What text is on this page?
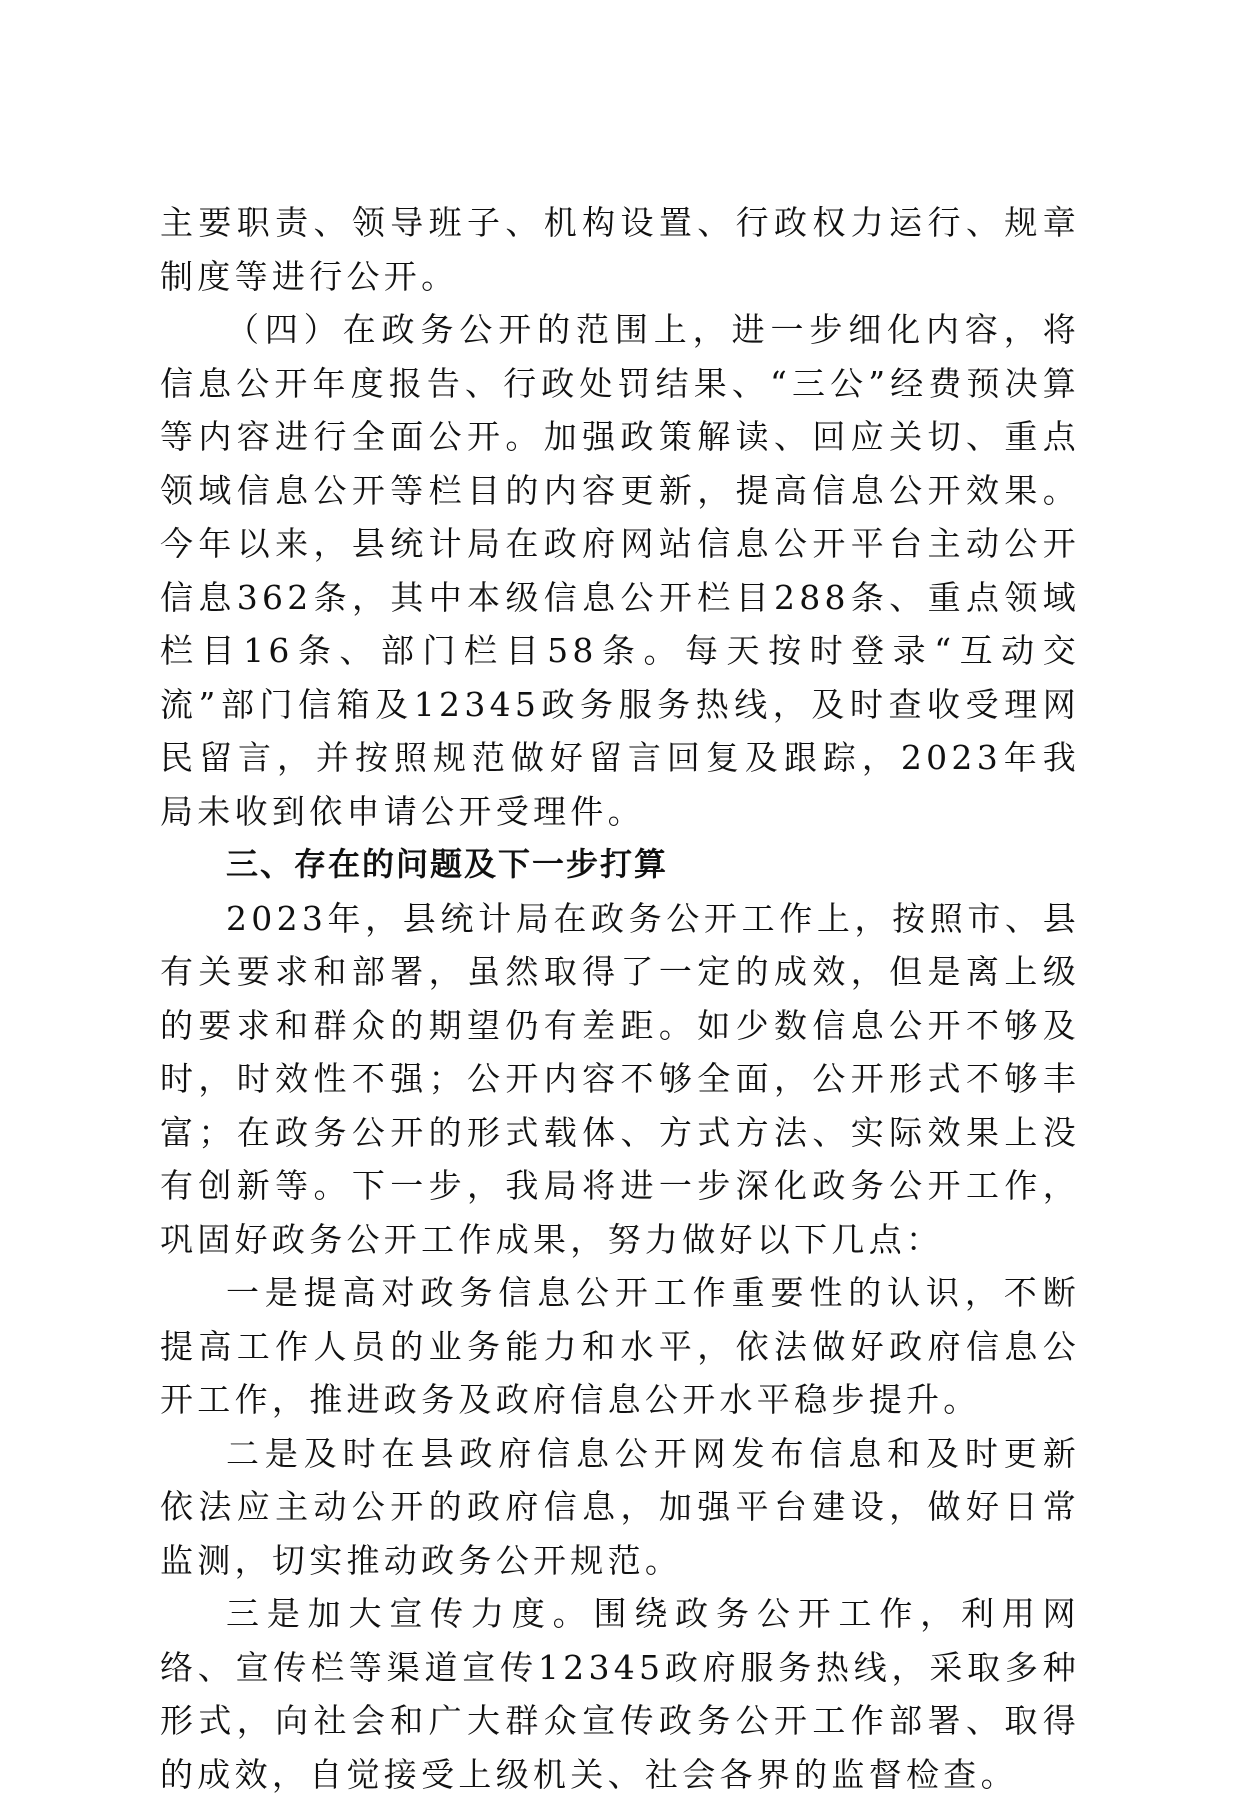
主要职责、领导班子、机构设置、行政权力运行、规章制度等进行公开。

（四）在政务公开的范围上，进一步细化内容，将信息公开年度报告、行政处罚结果、“三公”经费预决算等内容进行全面公开。加强政策解读、回应关切、重点领域信息公开等栏目的内容更新，提高信息公开效果。今年以来，县统计局在政府网站信息公开平台主动公开信息362条，其中本级信息公开栏目288条、重点领域栏目16条、部门栏目58条。每天按时登录“互动交流”部门信箱及12345政务服务热线，及时查收受理网民留言，并按照规范做好留言回复及跟踪，2023年我局未收到依申请公开受理件。

三、存在的问题及下一步打算

2023年，县统计局在政务公开工作上，按照市、县有关要求和部署，虽然取得了一定的成效，但是离上级的要求和群众的期望仍有差距。如少数信息公开不够及时，时效性不强；公开内容不够全面，公开形式不够丰富；在政务公开的形式载体、方式方法、实际效果上没有创新等。下一步，我局将进一步深化政务公开工作，巩固好政务公开工作成果，努力做好以下几点：

一是提高对政务信息公开工作重要性的认识，不断提高工作人员的业务能力和水平，依法做好政府信息公开工作，推进政务及政府信息公开水平稳步提升。

二是及时在县政府信息公开网发布信息和及时更新依法应主动公开的政府信息，加强平台建设，做好日常监测，切实推动政务公开规范。

三是加大宣传力度。围绕政务公开工作，利用网络、宣传栏等渠道宣传12345政府服务热线，采取多种形式，向社会和广大群众宣传政务公开工作部署、取得的成效，自觉接受上级机关、社会各界的监督检查。
